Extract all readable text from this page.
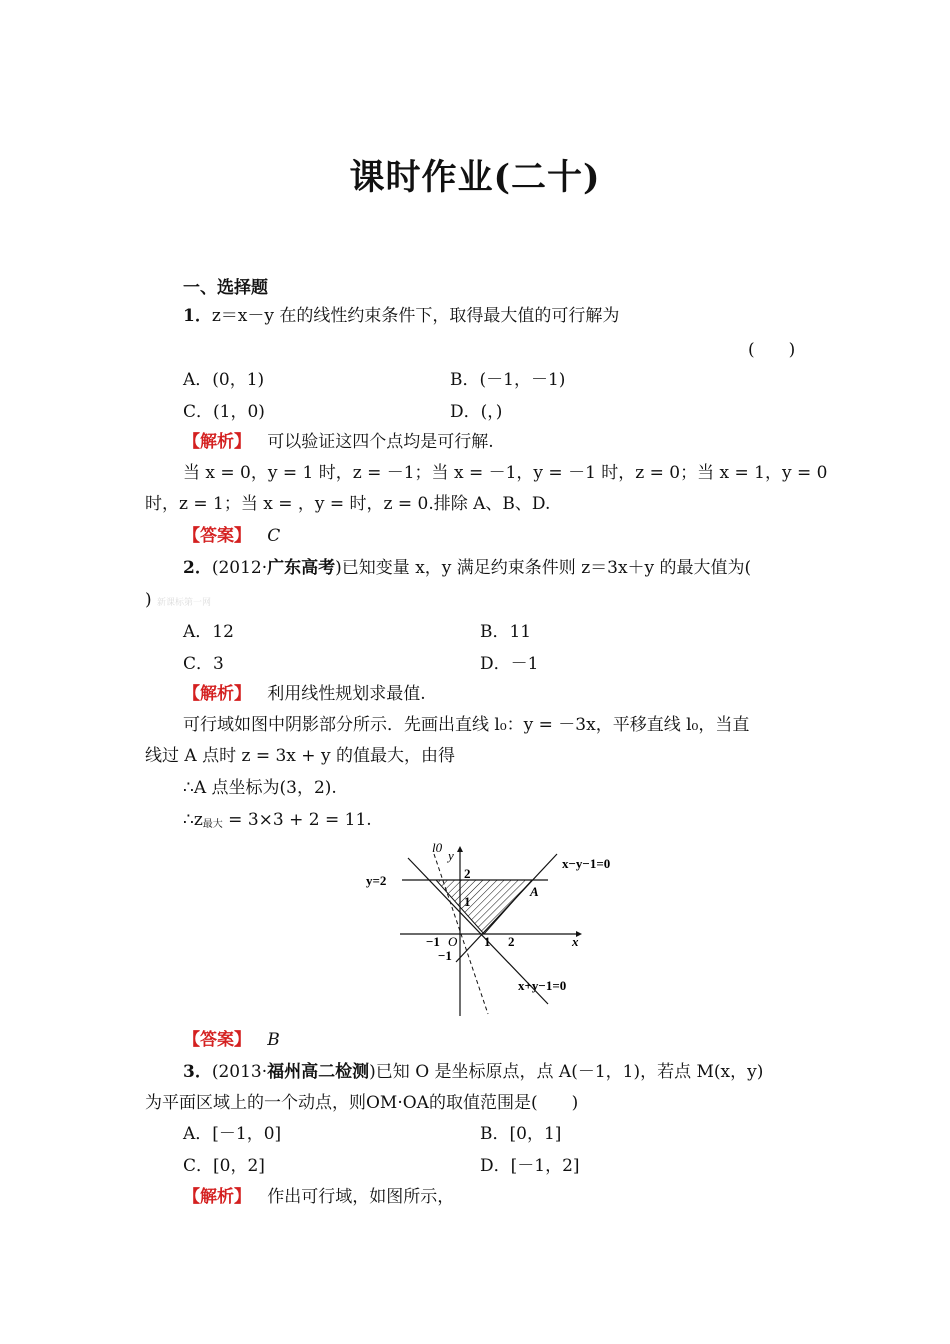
课时作业(二十)
一、选择题
1．z＝x－y 在的线性约束条件下，取得最大值的可行解为
(　　)
A．(0，1)	B．(－1，－1)
C．(1，0)	D．(，)
【解析】 可以验证这四个点均是可行解.
当 x = 0，y = 1 时，z = －1；当 x = －1，y = －1 时，z = 0；当 x = 1，y = 0
时，z = 1；当 x = ，y = 时，z = 0.排除 A、B、D.
【答案】 C
2．(2012·广东高考)已知变量 x，y 满足约束条件则 z＝3x＋y 的最大值为(
) 新课标第一网
A．12	B．11
C．3	D．－1
【解析】 利用线性规划求最值.
可行域如图中阴影部分所示．先画出直线 l₀：y = －3x，平移直线 l₀，当直
线过 A 点时 z = 3x + y 的值最大，由得
∴A 点坐标为(3，2).
∴z最大 = 3×3 + 2 = 11.
l0
y
x
O
y=2
x−y−1=0
x+y−1=0
A
2
1
−1
−1	1 2
【答案】 B
3．(2013·福州高二检测)已知 O 是坐标原点，点 A(－1，1)，若点 M(x，y)
为平面区域上的一个动点，则OM·OA的取值范围是(　　)
A．[－1，0]	B．[0，1]
C．[0，2]	D．[－1，2]
【解析】 作出可行域，如图所示，
